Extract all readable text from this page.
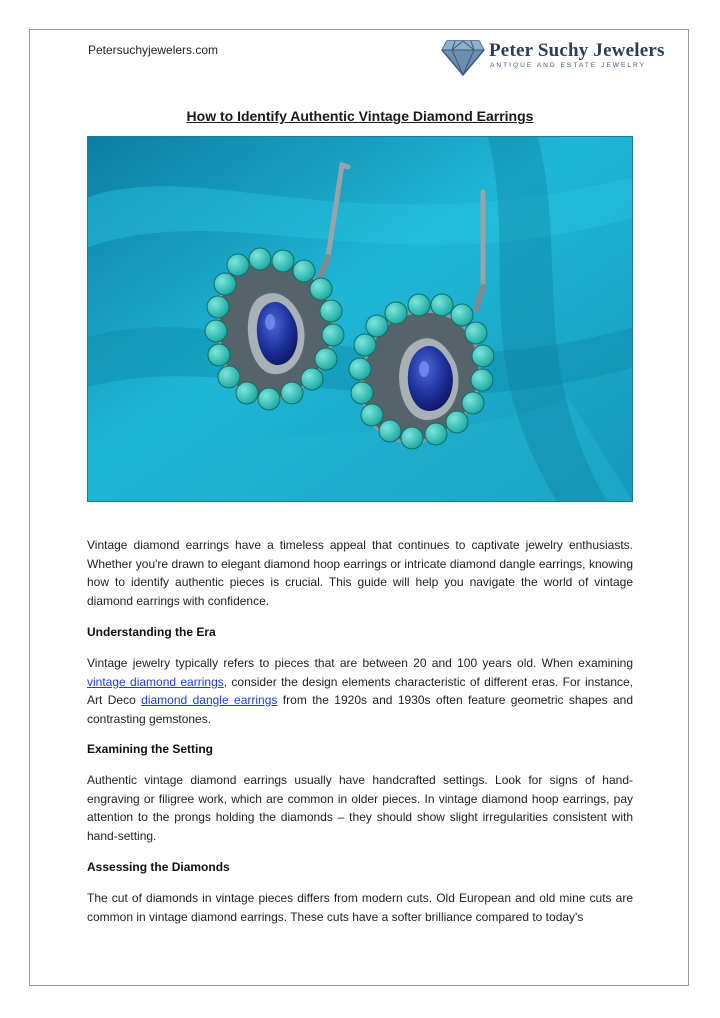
Petersuchyjewelers.com	Peter Suchy Jewelers
ANTIQUE AND ESTATE JEWELRY
How to Identify Authentic Vintage Diamond Earrings
Vintage diamond earrings have a timeless appeal that continues to captivate jewelry enthusiasts. Whether you're drawn to elegant diamond hoop earrings or intricate diamond dangle earrings, knowing how to identify authentic pieces is crucial. This guide will help you navigate the world of vintage diamond earrings with confidence.
Understanding the Era
Vintage jewelry typically refers to pieces that are between 20 and 100 years old. When examining vintage diamond earrings, consider the design elements characteristic of different eras. For instance, Art Deco diamond dangle earrings from the 1920s and 1930s often feature geometric shapes and contrasting gemstones.
Examining the Setting
Authentic vintage diamond earrings usually have handcrafted settings. Look for signs of hand-engraving or filigree work, which are common in older pieces. In vintage diamond hoop earrings, pay attention to the prongs holding the diamonds – they should show slight irregularities consistent with hand-setting.
Assessing the Diamonds
The cut of diamonds in vintage pieces differs from modern cuts. Old European and old mine cuts are common in vintage diamond earrings. These cuts have a softer brilliance compared to today's
